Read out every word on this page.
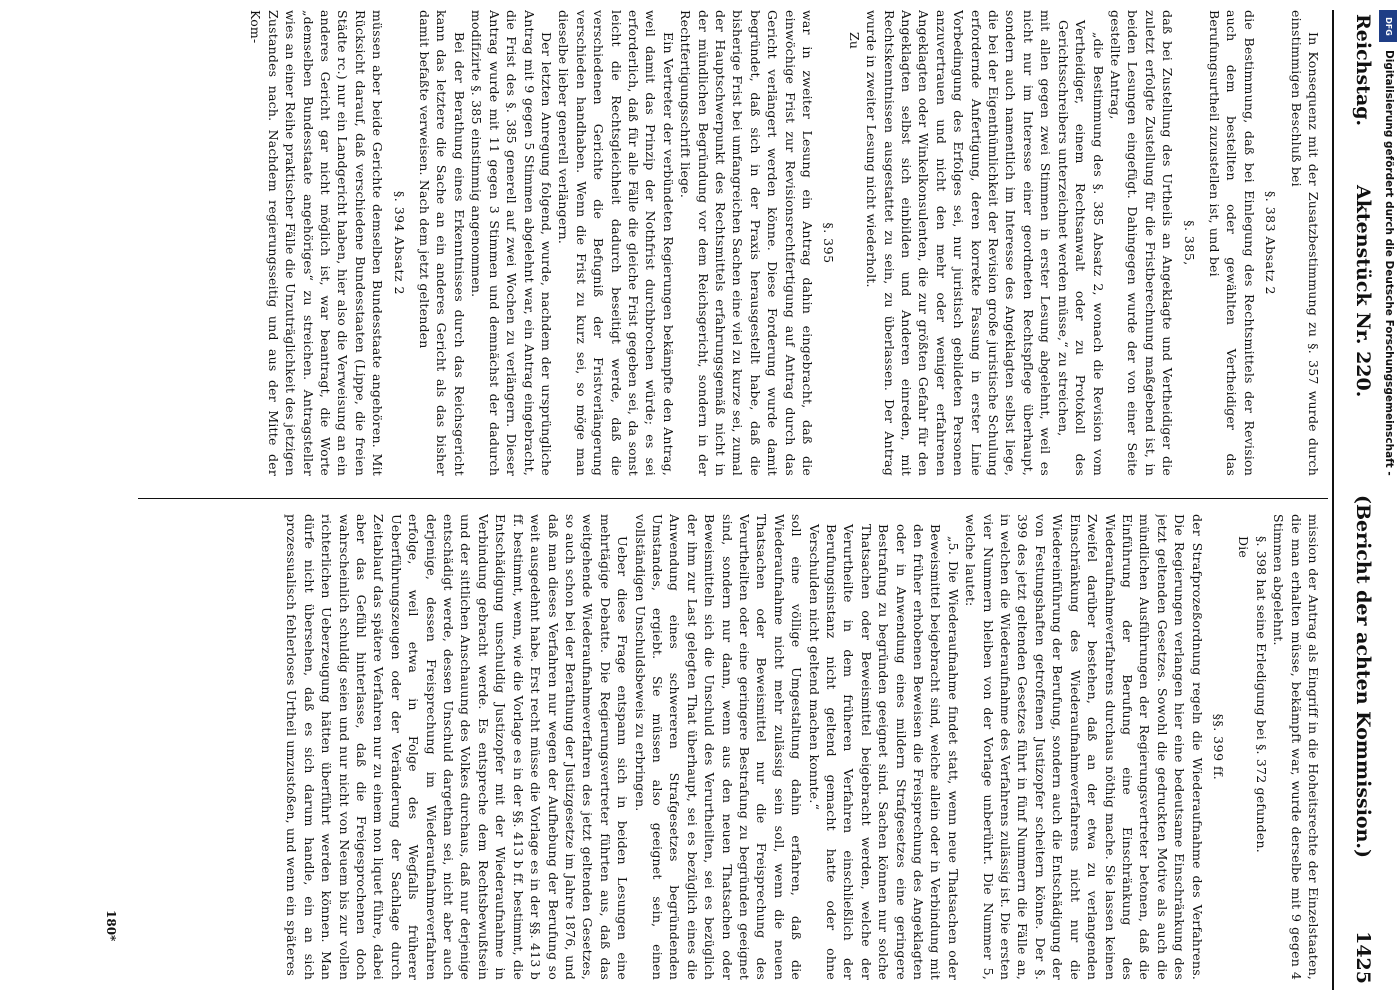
Reichstag.
Aktenstück Nr. 220.
(Bericht der achten Kommission.)
1425

In Konsequenz mit der Zusatzbestimmung zu §. 357 wurde durch einstimmigen Beschluß bei

§. 383 Absatz 2

die Bestimmung, daß bei Einlegung des Rechtsmittels der Revision auch dem bestellten oder gewählten Vertheidiger das Berufungsurtheil zuzustellen ist, und bei

§. 385,

daß bei Zustellung des Urtheils an Angeklagte und Vertheidiger die zuletzt erfolgte Zustellung für die Fristberechnung maßgebend ist, in beiden Lesungen eingefügt. Dahingegen wurde der von einer Seite gestellte Antrag,

„die Bestimmung des §. 385 Absatz 2, wonach die Revision vom Vertheidiger, einem Rechtsanwalt oder zu Protokoll des Gerichtsschreibers unterzeichnet werden müsse,“ zu streichen,

mit allen gegen zwei Stimmen in erster Lesung abgelehnt, weil es nicht nur im Interesse einer geordneten Rechtspflege überhaupt, sondern auch namentlich im Interesse des Angeklagten selbst liege, die bei der Eigenthümlichkeit der Revision große juristische Schulung erfordernde Anfertigung, deren korrekte Fassung in erster Linie Vorbedingung des Erfolges sei, nur juristisch gebildeten Personen anzuvertrauen und nicht den mehr oder weniger erfahrenen Angeklagten oder Winkelkonsulenten, die zur größten Gefahr für den Angeklagten selbst sich einbilden und Anderen einreden, mit Rechtskenntnissen ausgestattet zu sein, zu überlassen. Der Antrag wurde in zweiter Lesung nicht wiederholt.

Zu

§. 395

war in zweiter Lesung ein Antrag dahin eingebracht, daß die einwöchige Frist zur Revisionsrechtfertigung auf Antrag durch das Gericht verlängert werden könne. Diese Forderung wurde damit begründet, daß sich in der Praxis herausgestellt habe, daß die bisherige Frist bei umfangreichen Sachen eine viel zu kurze sei, zumal der Hauptschwerpunkt des Rechtsmittels erfahrungsgemäß nicht in der mündlichen Begründung vor dem Reichsgericht, sondern in der Rechtfertigungsschrift liege.

Ein Vertreter der verbündeten Regierungen bekämpfte den Antrag, weil damit das Prinzip der Nothfrist durchbrochen würde; es sei erforderlich, daß für alle Fälle die gleiche Frist gegeben sei, da sonst leicht die Rechtsgleichheit dadurch beseitigt werde, daß die verschiedenen Gerichte die Befugniß der Fristverlängerung verschieden handhaben. Wenn die Frist zu kurz sei, so möge man dieselbe lieber generell verlängern.

Der letzten Anregung folgend, wurde, nachdem der ursprüngliche Antrag mit 9 gegen 5 Stimmen abgelehnt war, ein Antrag eingebracht, die Frist des §. 385 generell auf zwei Wochen zu verlängern. Dieser Antrag wurde mit 11 gegen 3 Stimmen und demnächst der dadurch modifizirte §. 385 einstimmig angenommen.

Bei der Berathung eines Erkenntnisses durch das Reichsgericht kann das letztere die Sache an ein anderes Gericht als das bisher damit befaßte verweisen. Nach dem jetzt geltenden

§. 394 Absatz 2

müssen aber beide Gerichte demselben Bundesstaate angehören. Mit Rücksicht darauf, daß verschiedene Bundesstaaten (Lippe, die freien Städte rc.) nur ein Landgericht haben, hier also die Verweisung an ein anderes Gericht gar nicht möglich ist, war beantragt, die Worte „demselben Bundesstaate angehöriges“ zu streichen. Antragsteller wies an einer Reihe praktischer Fälle die Unzuträglichkeit des jetzigen Zustandes nach. Nachdem regierungsseitig und aus der Mitte der Kom-

mission der Antrag als Eingriff in die Hoheitsrechte der Einzelstaaten, die man erhalten müsse, bekämpft war, wurde derselbe mit 9 gegen 4 Stimmen abgelehnt.

§. 398 hat seine Erledigung bei §. 372 gefunden.

Die

§§. 399 ff.

der Strafprozeßordnung regeln die Wiederaufnahme des Verfahrens. Die Regierungen verlangen hier eine bedeutsame Einschränkung des jetzt geltenden Gesetzes. Sowohl die gedruckten Motive als auch die mündlichen Ausführungen der Regierungsvertreter betonen, daß die Einführung der Berufung eine Einschränkung des Wiederaufnahmeverfahrens durchaus nöthig mache. Sie lassen keinen Zweifel darüber bestehen, daß an der etwa zu verlangenden Einschränkung des Wiederaufnahmeverfahrens nicht nur die Wiedereinführung der Berufung, sondern auch die Entschädigung der von Festungshaften getroffenen Justizopfer scheitern könne. Der §. 399 des jetzt geltenden Gesetzes führt in fünf Nummern die Fälle an, in welchen die Wiederaufnahme des Verfahrens zulässig ist. Die ersten vier Nummern bleiben von der Vorlage unberührt. Die Nummer 5, welche lautet:

„5. Die Wiederaufnahme findet statt, wenn neue Thatsachen oder Beweismittel beigebracht sind, welche allein oder in Verbindung mit den früher erhobenen Beweisen die Freisprechung des Angeklagten oder in Anwendung eines mildern Strafgesetzes eine geringere Bestrafung zu begründen geeignet sind. Sachen können nur solche Thatsachen oder Beweismittel beigebracht werden, welche der Verurtheilte in dem früheren Verfahren einschließlich der Berufungsinstanz nicht geltend gemacht hatte oder ohne Verschulden nicht geltend machen konnte.“

soll eine völlige Umgestaltung dahin erfahren, daß die Wiederaufnahme nicht mehr zulässig sein soll, wenn die neuen Thatsachen oder Beweismittel nur die Freisprechung des Verurtheilten oder eine geringere Bestrafung zu begründen geeignet sind, sondern nur dann, wenn aus den neuen Thatsachen oder Beweismitteln sich die Unschuld des Verurtheilten, sei es bezüglich der ihm zur Last gelegten That überhaupt, sei es bezüglich eines die Anwendung eines schwereren Strafgesetzes begründenden Umstandes, ergiebt. Sie müssen also geeignet sein, einen vollständigen Unschuldsbeweis zu erbringen.

Ueber diese Frage entspann sich in beiden Lesungen eine mehrtägige Debatte. Die Regierungsvertreter führten aus, daß das weitgehende Wiederaufnahmeverfahren des jetzt geltenden Gesetzes, so auch schon bei der Berathung der Justizgesetze im Jahre 1876, und daß man dieses Verfahren nur wegen der Aufhebung der Berufung so weit ausgedehnt habe. Erst recht müsse die Vorlage es in der §§. 413 b ff. bestimmt, wenn, wie die Vorlage es in der §§. 413 b ff. bestimmt, die Entschädigung unschuldig Justizopfer mit der Wiederaufnahme in Verbindung gebracht werde. Es entspreche dem Rechtsbewußtsein und der sittlichen Anschauung des Volkes durchaus, daß nur derjenige entschädigt werde, dessen Unschuld dargethan sei, nicht aber auch derjenige, dessen Freisprechung im Wiederaufnahmeverfahren erfolge, weil etwa in Folge des Wegfalls früherer Ueberführungszeugen oder der Veränderung der Sachlage durch Zeitablauf das spätere Verfahren nur zu einem non liquet führe, dabei aber das Gefühl hinterlasse, daß die Freigesprochenen doch wahrscheinlich schuldig seien und nur nicht von Neuem bis zur vollen richterlichen Ueberzeugung hätten überführt werden können. Man dürfe nicht übersehen, daß es sich darum handle, ein an sich prozessualisch fehlerloses Urtheil umzustoßen, und wenn ein späteres

180*
DFG
Digitalisierung gefördert durch die Deutsche Forschungsgemeinschaft -
